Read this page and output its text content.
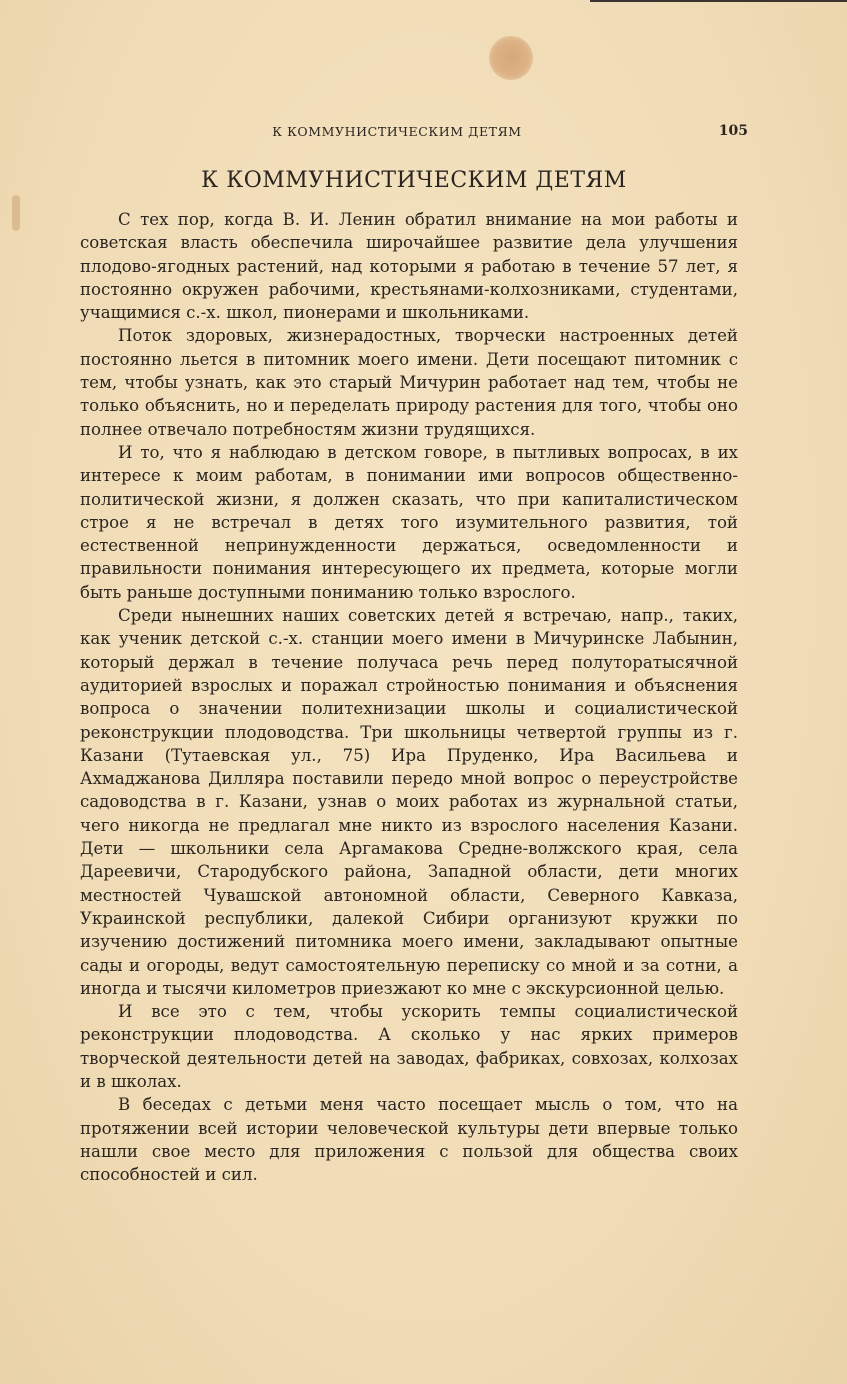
К КОММУНИСТИЧЕСКИМ ДЕТЯМ	105
К КОММУНИСТИЧЕСКИМ ДЕТЯМ

С тех пор, когда В. И. Ленин обратил внимание на мои работы и советская власть обеспечила широчайшее развитие дела улучшения плодово-ягодных растений, над которыми я работаю в течение 57 лет, я постоянно окружен рабочими, крестьянами-колхозниками, студентами, учащимися с.-х. школ, пионерами и школьниками.

Поток здоровых, жизнерадостных, творчески настроенных детей постоянно льется в питомник моего имени. Дети посещают питомник с тем, чтобы узнать, как это старый Мичурин работает над тем, чтобы не только объяснить, но и переделать природу растения для того, чтобы оно полнее отвечало потребностям жизни трудящихся.

И то, что я наблюдаю в детском говоре, в пытливых вопросах, в их интересе к моим работам, в понимании ими вопросов общественно-политической жизни, я должен сказать, что при капиталистическом строе я не встречал в детях того изумительного развития, той естественной непринужденности держаться, осведомленности и правильности понимания интересующего их предмета, которые могли быть раньше доступными пониманию только взрослого.

Среди нынешних наших советских детей я встречаю, напр., таких, как ученик детской с.-х. станции моего имени в Мичуринске Лабынин, который держал в течение получаса речь перед полуторатысячной аудиторией взрослых и поражал стройностью понимания и объяснения вопроса о значении политехнизации школы и социалистической реконструкции плодоводства. Три школьницы четвертой группы из г. Казани (Тутаевская ул., 75) Ира Пруденко, Ира Васильева и Ахмаджанова Дилляра поставили передо мной вопрос о переустройстве садоводства в г. Казани, узнав о моих работах из журнальной статьи, чего никогда не предлагал мне никто из взрослого населения Казани. Дети — школьники села Аргамакова Средне-волжского края, села Дареевичи, Стародубского района, Западной области, дети многих местностей Чувашской автономной области, Северного Кавказа, Украинской республики, далекой Сибири организуют кружки по изучению достижений питомника моего имени, закладывают опытные сады и огороды, ведут самостоятельную переписку со мной и за сотни, а иногда и тысячи километров приезжают ко мне с экскурсионной целью.

И все это с тем, чтобы ускорить темпы социалистической реконструкции плодоводства. А сколько у нас ярких примеров творческой деятельности детей на заводах, фабриках, совхозах, колхозах и в школах.

В беседах с детьми меня часто посещает мысль о том, что на протяжении всей истории человеческой культуры дети впервые только нашли свое место для приложения с пользой для общества своих способностей и сил.
